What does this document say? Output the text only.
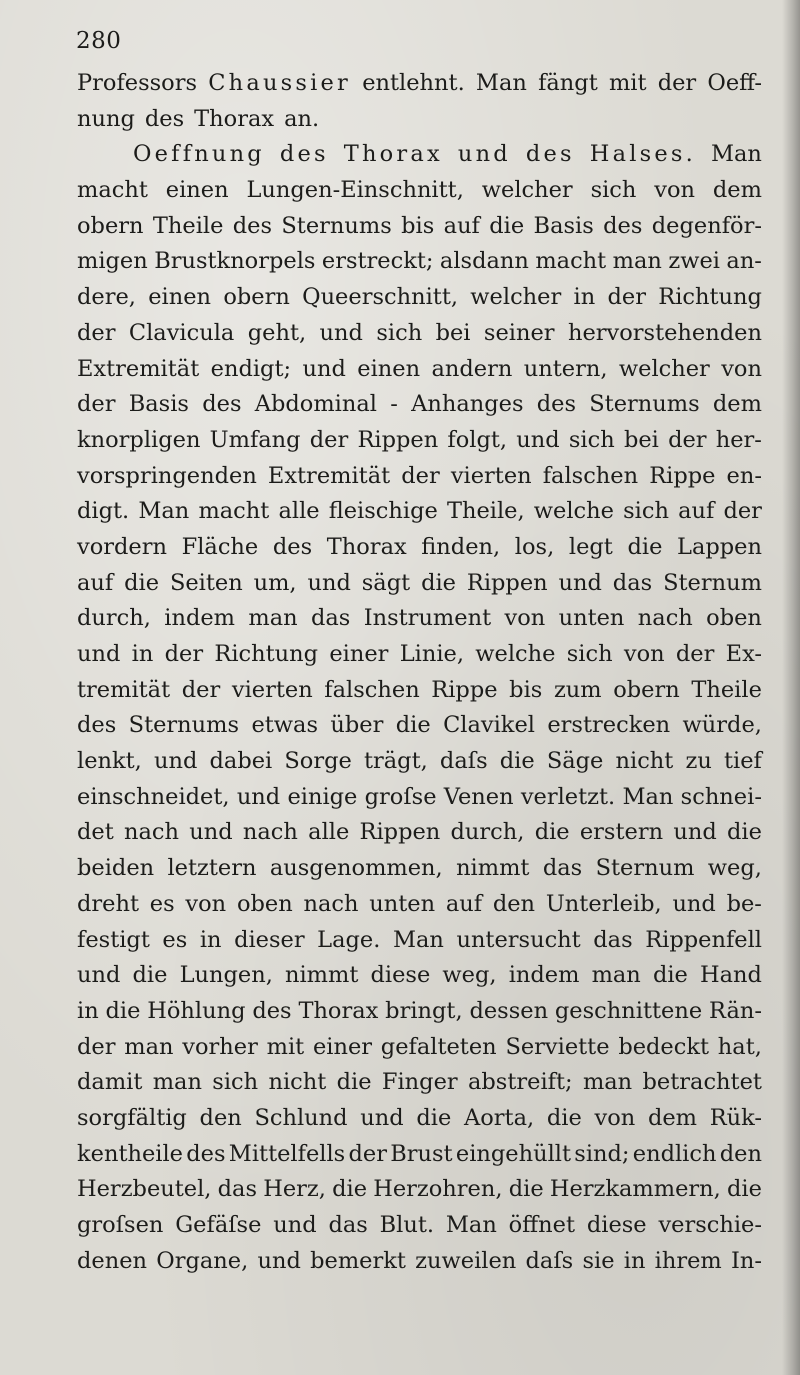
280
Professors Chaussier entlehnt. Man fängt mit der Oeff-
nung des Thorax an.
Oeffnung des Thorax und des Halses. Man
macht einen Lungen-Einschnitt, welcher sich von dem
obern Theile des Sternums bis auf die Basis des degenför-
migen Brustknorpels erstreckt; alsdann macht man zwei an-
dere, einen obern Queerschnitt, welcher in der Richtung
der Clavicula geht, und sich bei seiner hervorstehenden
Extremität endigt; und einen andern untern, welcher von
der Basis des Abdominal - Anhanges des Sternums dem
knorpligen Umfang der Rippen folgt, und sich bei der her-
vorspringenden Extremität der vierten falschen Rippe en-
digt. Man macht alle fleischige Theile, welche sich auf der
vordern Fläche des Thorax finden, los, legt die Lappen
auf die Seiten um, und sägt die Rippen und das Sternum
durch, indem man das Instrument von unten nach oben
und in der Richtung einer Linie, welche sich von der Ex-
tremität der vierten falschen Rippe bis zum obern Theile
des Sternums etwas über die Clavikel erstrecken würde,
lenkt, und dabei Sorge trägt, daſs die Säge nicht zu tief
einschneidet, und einige groſse Venen verletzt. Man schnei-
det nach und nach alle Rippen durch, die erstern und die
beiden letztern ausgenommen, nimmt das Sternum weg,
dreht es von oben nach unten auf den Unterleib, und be-
festigt es in dieser Lage. Man untersucht das Rippenfell
und die Lungen, nimmt diese weg, indem man die Hand
in die Höhlung des Thorax bringt, dessen geschnittene Rän-
der man vorher mit einer gefalteten Serviette bedeckt hat,
damit man sich nicht die Finger abstreift; man betrachtet
sorgfältig den Schlund und die Aorta, die von dem Rük-
kentheile des Mittelfells der Brust eingehüllt sind; endlich den
Herzbeutel, das Herz, die Herzohren, die Herzkammern, die
groſsen Gefäſse und das Blut. Man öffnet diese verschie-
denen Organe, und bemerkt zuweilen daſs sie in ihrem In-
